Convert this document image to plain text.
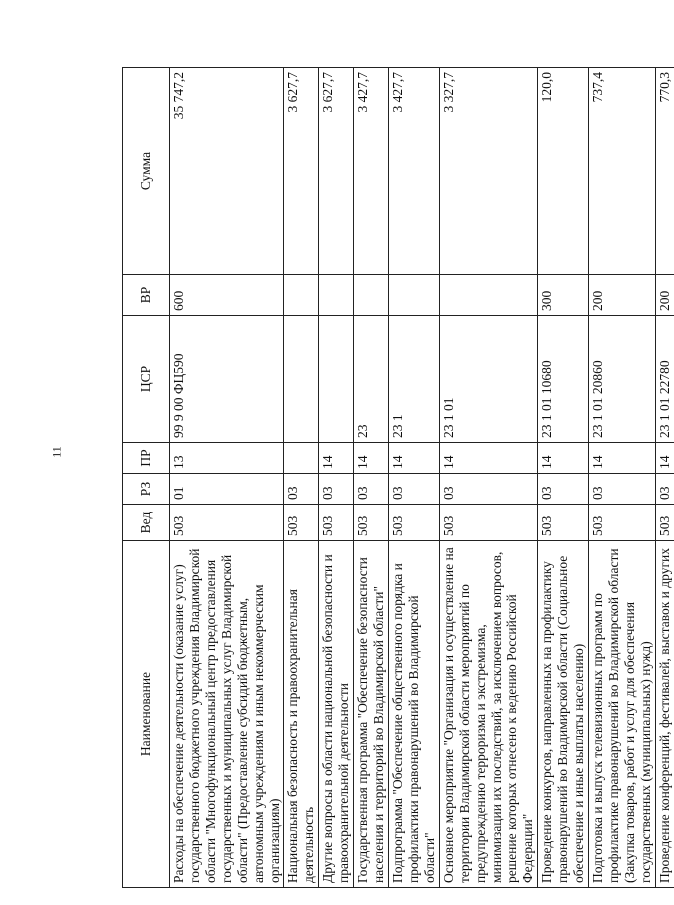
11
Наименование	Вед	РЗ	ПР	ЦСР	ВР	Сумма
Расходы на обеспечение деятельности (оказание услуг) государственного бюджетного учреждения Владимирской области "Многофункциональный центр предоставления государственных и муниципальных услуг Владимирской области" (Предоставление субсидий бюджетным, автономным учреждениям и иным некоммерческим организациям)	503	01	13	99 9 00 ФЦ590	600	35 747,2
Национальная безопасность и правоохранительная деятельность	503	03				3 627,7
Другие вопросы в области национальной безопасности и правоохранительной деятельности	503	03	14			3 627,7
Государственная программа "Обеспечение безопасности населения и территорий во Владимирской области"	503	03	14	23		3 427,7
Подпрограмма "Обеспечение общественного порядка и профилактики правонарушений во Владимирской области"	503	03	14	23 1		3 427,7
Основное мероприятие "Организация и осуществление на территории Владимирской области мероприятий по предупреждению терроризма и экстремизма, минимизации их последствий, за исключением вопросов, решение которых отнесено к ведению Российской Федерации"	503	03	14	23 1 01		3 327,7
Проведение конкурсов, направленных на профилактику правонарушений во Владимирской области (Социальное обеспечение и иные выплаты населению)	503	03	14	23 1 01 10680	300	120,0
Подготовка и выпуск телевизионных программ по профилактике правонарушений во Владимирской области (Закупка товаров, работ и услуг для обеспечения государственных (муниципальных) нужд)	503	03	14	23 1 01 20860	200	737,4
Проведение конференций, фестивалей, выставок и других	503	03	14	23 1 01 22780	200	770,3
